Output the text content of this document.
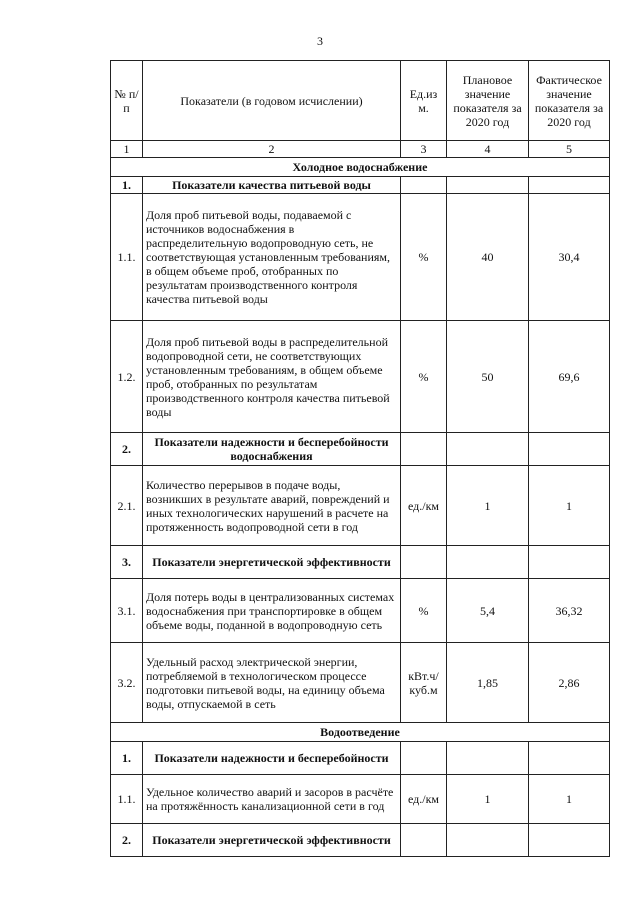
3
№ п/п	Показатели (в годовом исчислении)	Ед.из м.	Плановое значение показателя за 2020 год	Фактическое значение показателя за 2020 год
1	2	3	4	5
Холодное водоснабжение				
1.	Показатели качества питьевой воды			
1.1.	Доля проб питьевой воды, подаваемой с источников водоснабжения в распределительную водопроводную сеть, не соответствующая установленным требованиям, в общем объеме проб, отобранных по результатам производственного контроля качества питьевой воды	%	40	30,4
1.2.	Доля проб питьевой воды в распределительной водопроводной сети, не соответствующих установленным требованиям, в общем объеме проб, отобранных по результатам производственного контроля качества питьевой воды	%	50	69,6
2.	Показатели надежности и бесперебойности водоснабжения			
2.1.	Количество перерывов в подаче воды, возникших в результате аварий, повреждений и иных технологических нарушений в расчете на протяженность водопроводной сети в год	ед./км	1	1
3.	Показатели энергетической эффективности			
3.1.	Доля потерь воды в централизованных системах водоснабжения при транспортировке в общем объеме воды, поданной в водопроводную сеть	%	5,4	36,32
3.2.	Удельный расход электрической энергии, потребляемой в технологическом процессе подготовки питьевой воды, на единицу объема воды, отпускаемой в сеть	кВт.ч/куб.м	1,85	2,86
Водоотведение				
1.	Показатели надежности и бесперебойности			
1.1.	Удельное количество аварий и засоров в расчёте на протяжённость канализационной сети в год	ед./км	1	1
2.	Показатели энергетической эффективности			
